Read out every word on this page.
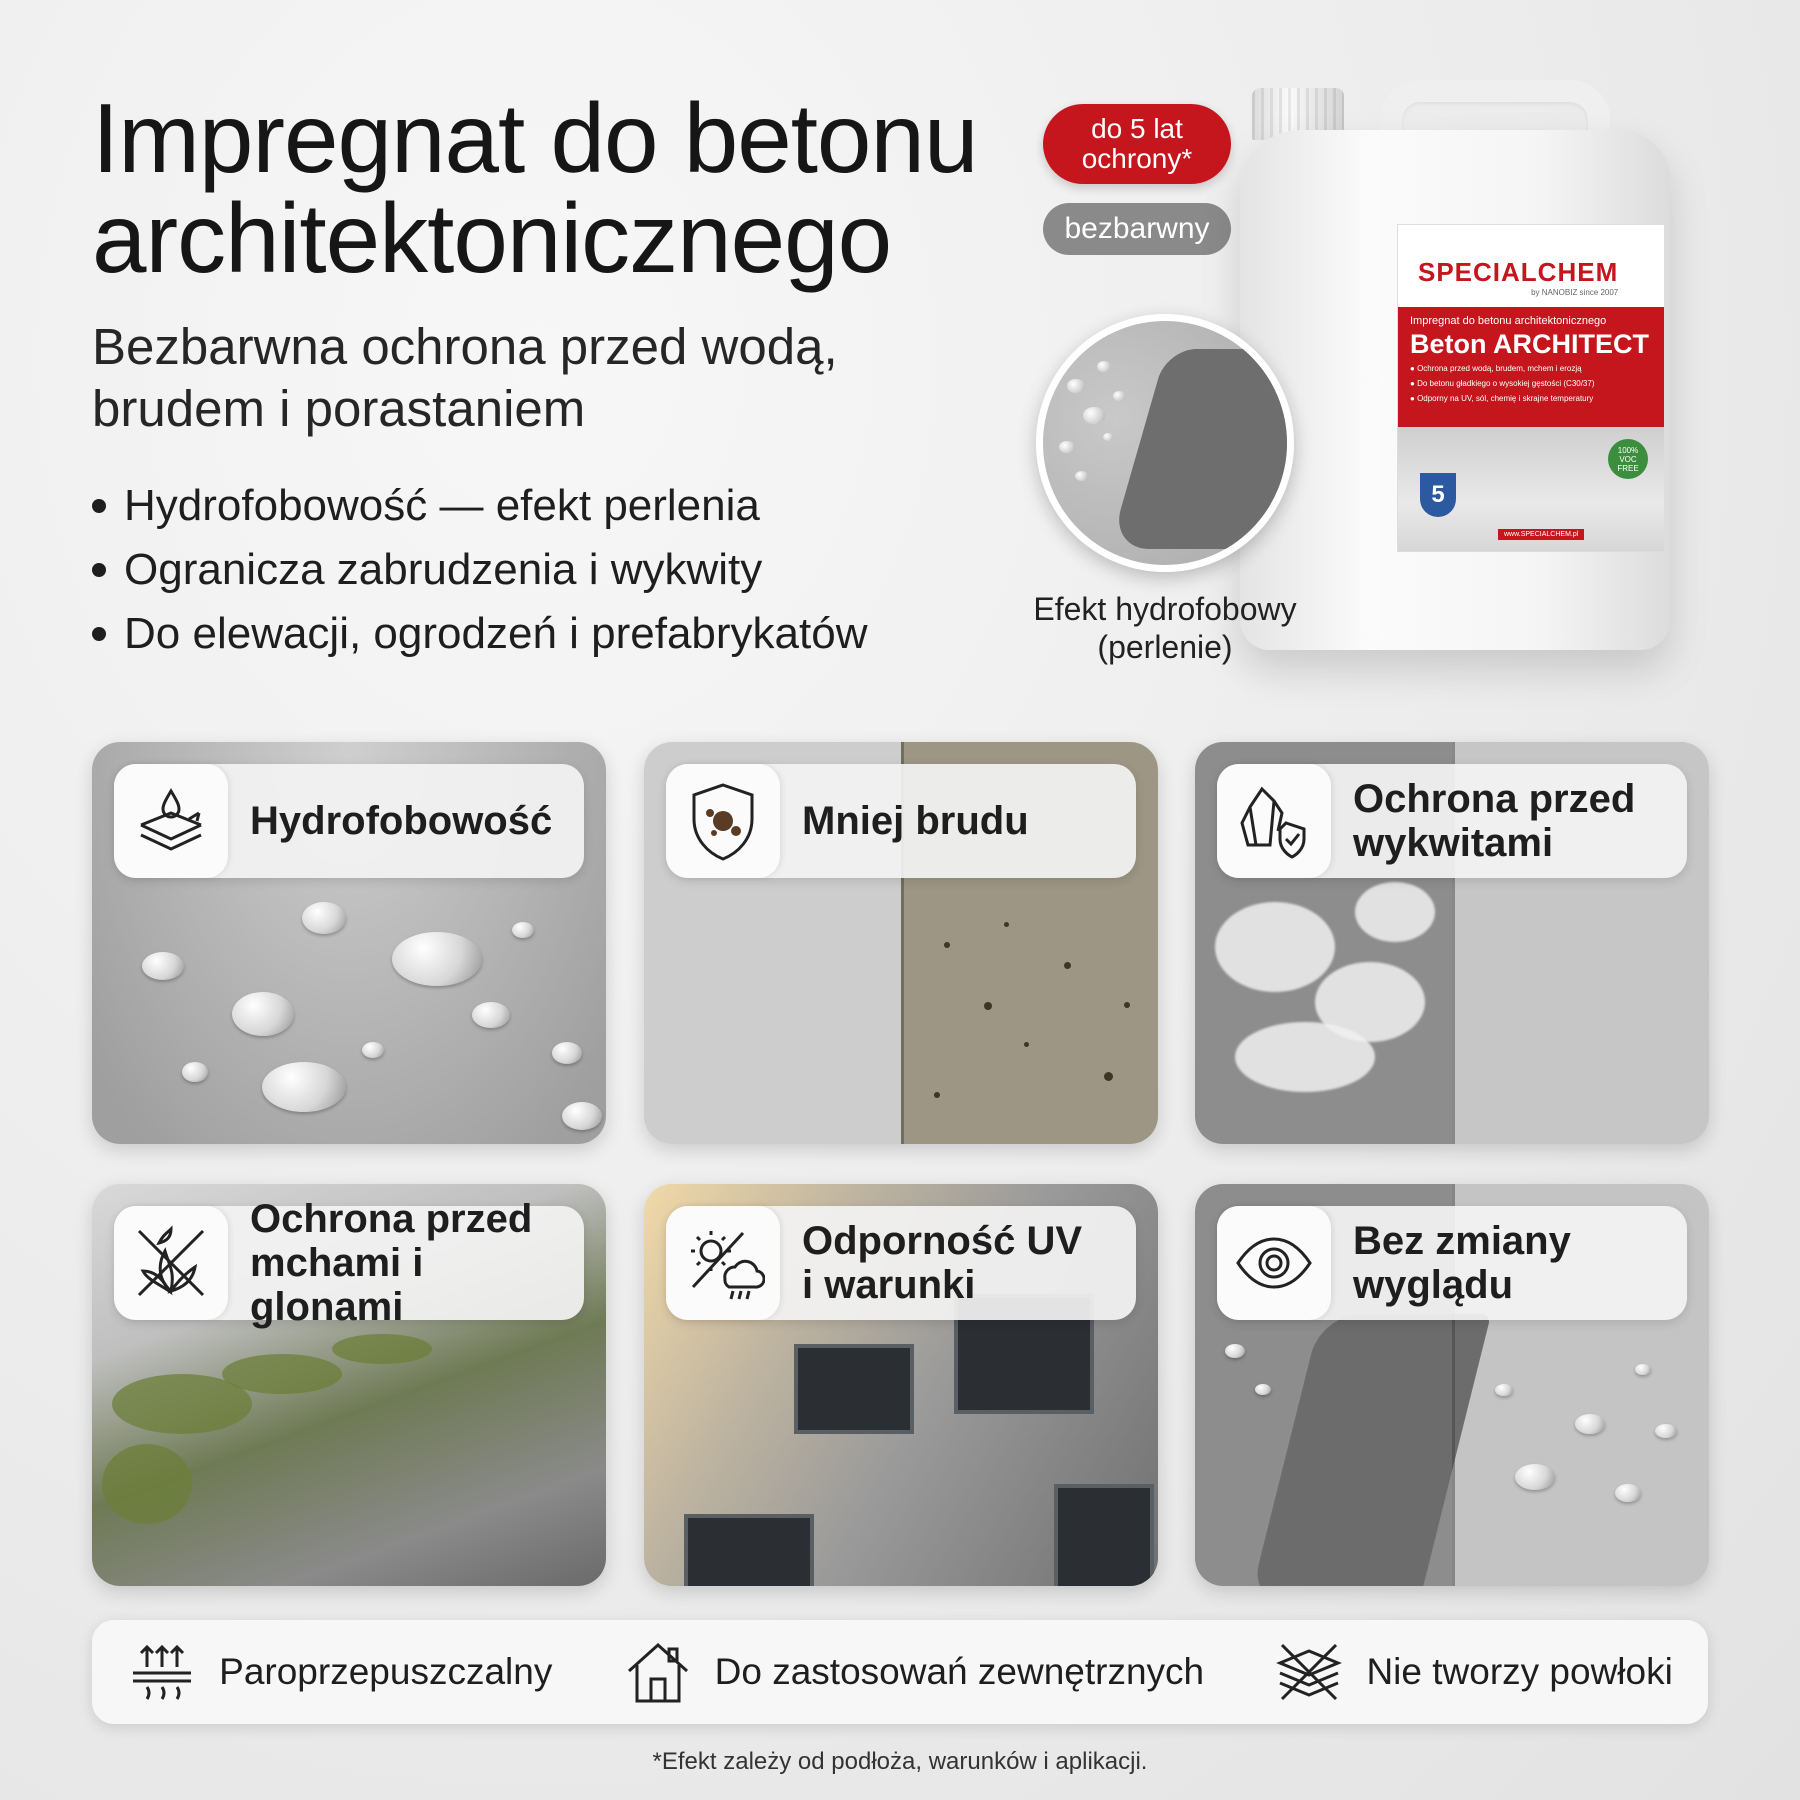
Impregnat do betonu
architektonicznego
do 5 lat
ochrony*
bezbarwny
Bezbarwna ochrona przed wodą,
brudem i porastaniem
Hydrofobowość — efekt perlenia
Ogranicza zabrudzenia i wykwity
Do elewacji, ogrodzeń i prefabrykatów
SPECIALCHEM
by NANOBIZ since 2007
Impregnat do betonu architektonicznego
Beton ARCHITECT
● Ochrona przed wodą, brudem, mchem i erozją
● Do betonu gładkiego o wysokiej gęstości (C30/37)
● Odporny na UV, sól, chemię i skrajne temperatury
5
100% VOC FREE
www.SPECIALCHEM.pl
Efekt hydrofobowy
(perlenie)
Hydrofobowość	Mniej brudu	Ochrona przed
wykwitami
Ochrona przed
mchami i glonami
Odporność UV
i warunki
Bez zmiany
wyglądu
Paroprzepuszczalny	Do zastosowań zewnętrznych	Nie tworzy powłoki
*Efekt zależy od podłoża, warunków i aplikacji.
